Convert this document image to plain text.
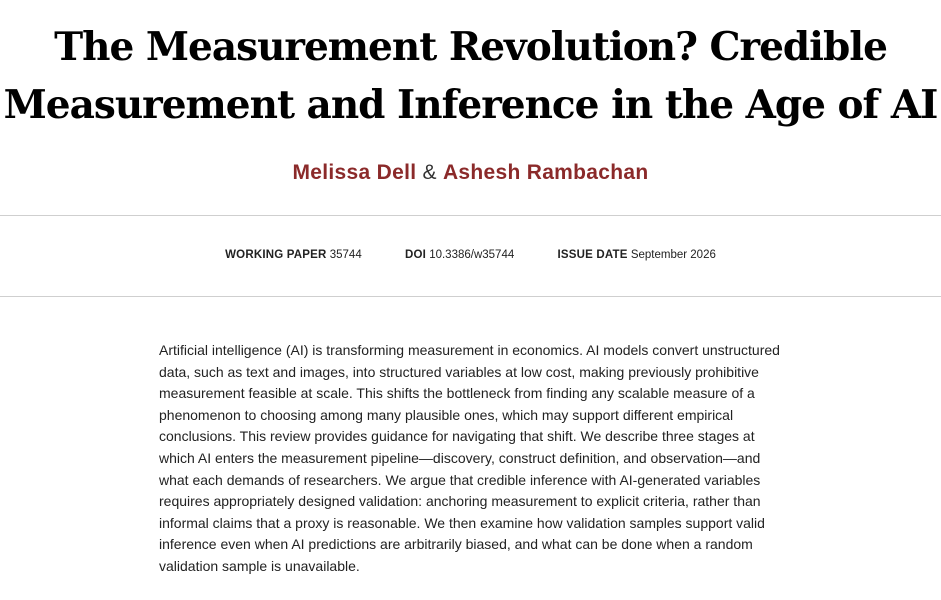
The Measurement Revolution? Credible Measurement and Inference in the Age of AI
Melissa Dell & Ashesh Rambachan
WORKING PAPER 35744	DOI 10.3386/w35744	ISSUE DATE September 2026

Artificial intelligence (AI) is transforming measurement in economics. AI models convert unstructured data, such as text and images, into structured variables at low cost, making previously prohibitive measurement feasible at scale. This shifts the bottleneck from finding any scalable measure of a phenomenon to choosing among many plausible ones, which may support different empirical conclusions. This review provides guidance for navigating that shift. We describe three stages at which AI enters the measurement pipeline—discovery, construct definition, and observation—and what each demands of researchers. We argue that credible inference with AI-generated variables requires appropriately designed validation: anchoring measurement to explicit criteria, rather than informal claims that a proxy is reasonable. We then examine how validation samples support valid inference even when AI predictions are arbitrarily biased, and what can be done when a random validation sample is unavailable.
